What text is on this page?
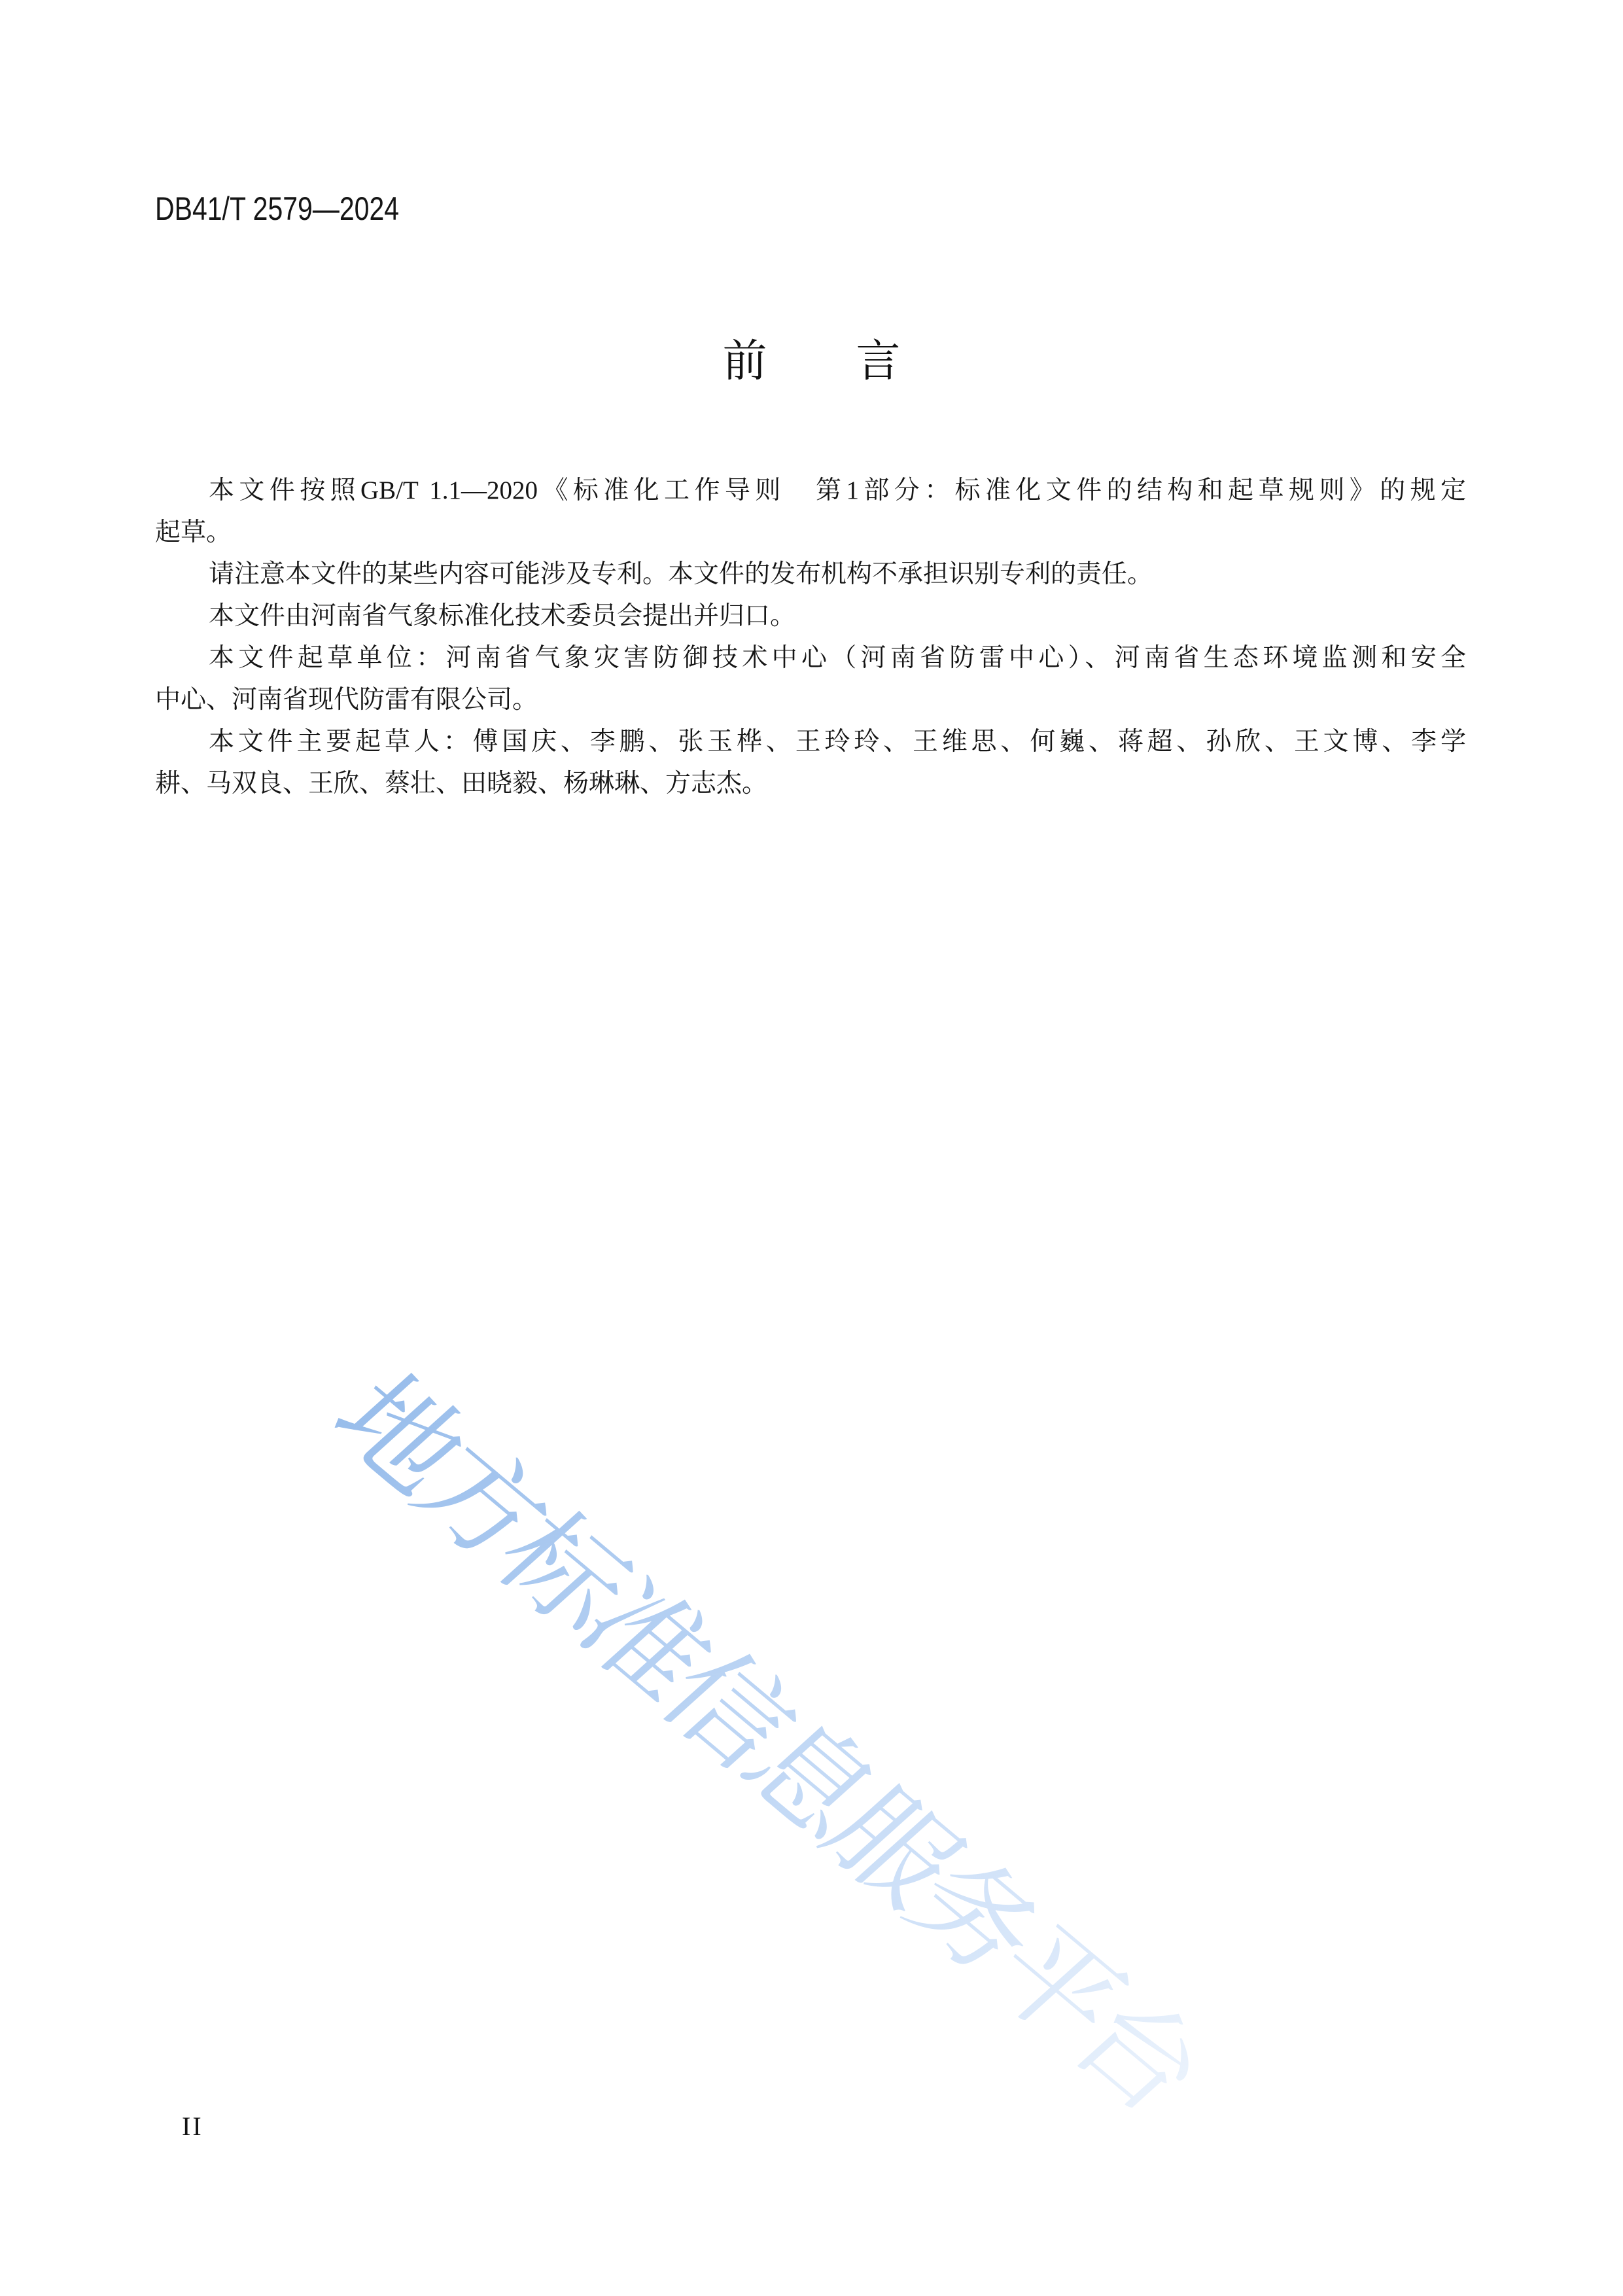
地方标准信息服务平台
DB41/T 2579—2024
前　　言
本文件按照GB/T 1.1—2020《标准化工作导则　第1部分：标准化文件的结构和起草规则》的规定
起草。
请注意本文件的某些内容可能涉及专利。本文件的发布机构不承担识别专利的责任。
本文件由河南省气象标准化技术委员会提出并归口。
本文件起草单位：河南省气象灾害防御技术中心（河南省防雷中心）、河南省生态环境监测和安全
中心、河南省现代防雷有限公司。
本文件主要起草人：傅国庆、李鹏、张玉桦、王玲玲、王维思、何巍、蒋超、孙欣、王文博、李学
耕、马双良、王欣、蔡壮、田晓毅、杨琳琳、方志杰。
II
